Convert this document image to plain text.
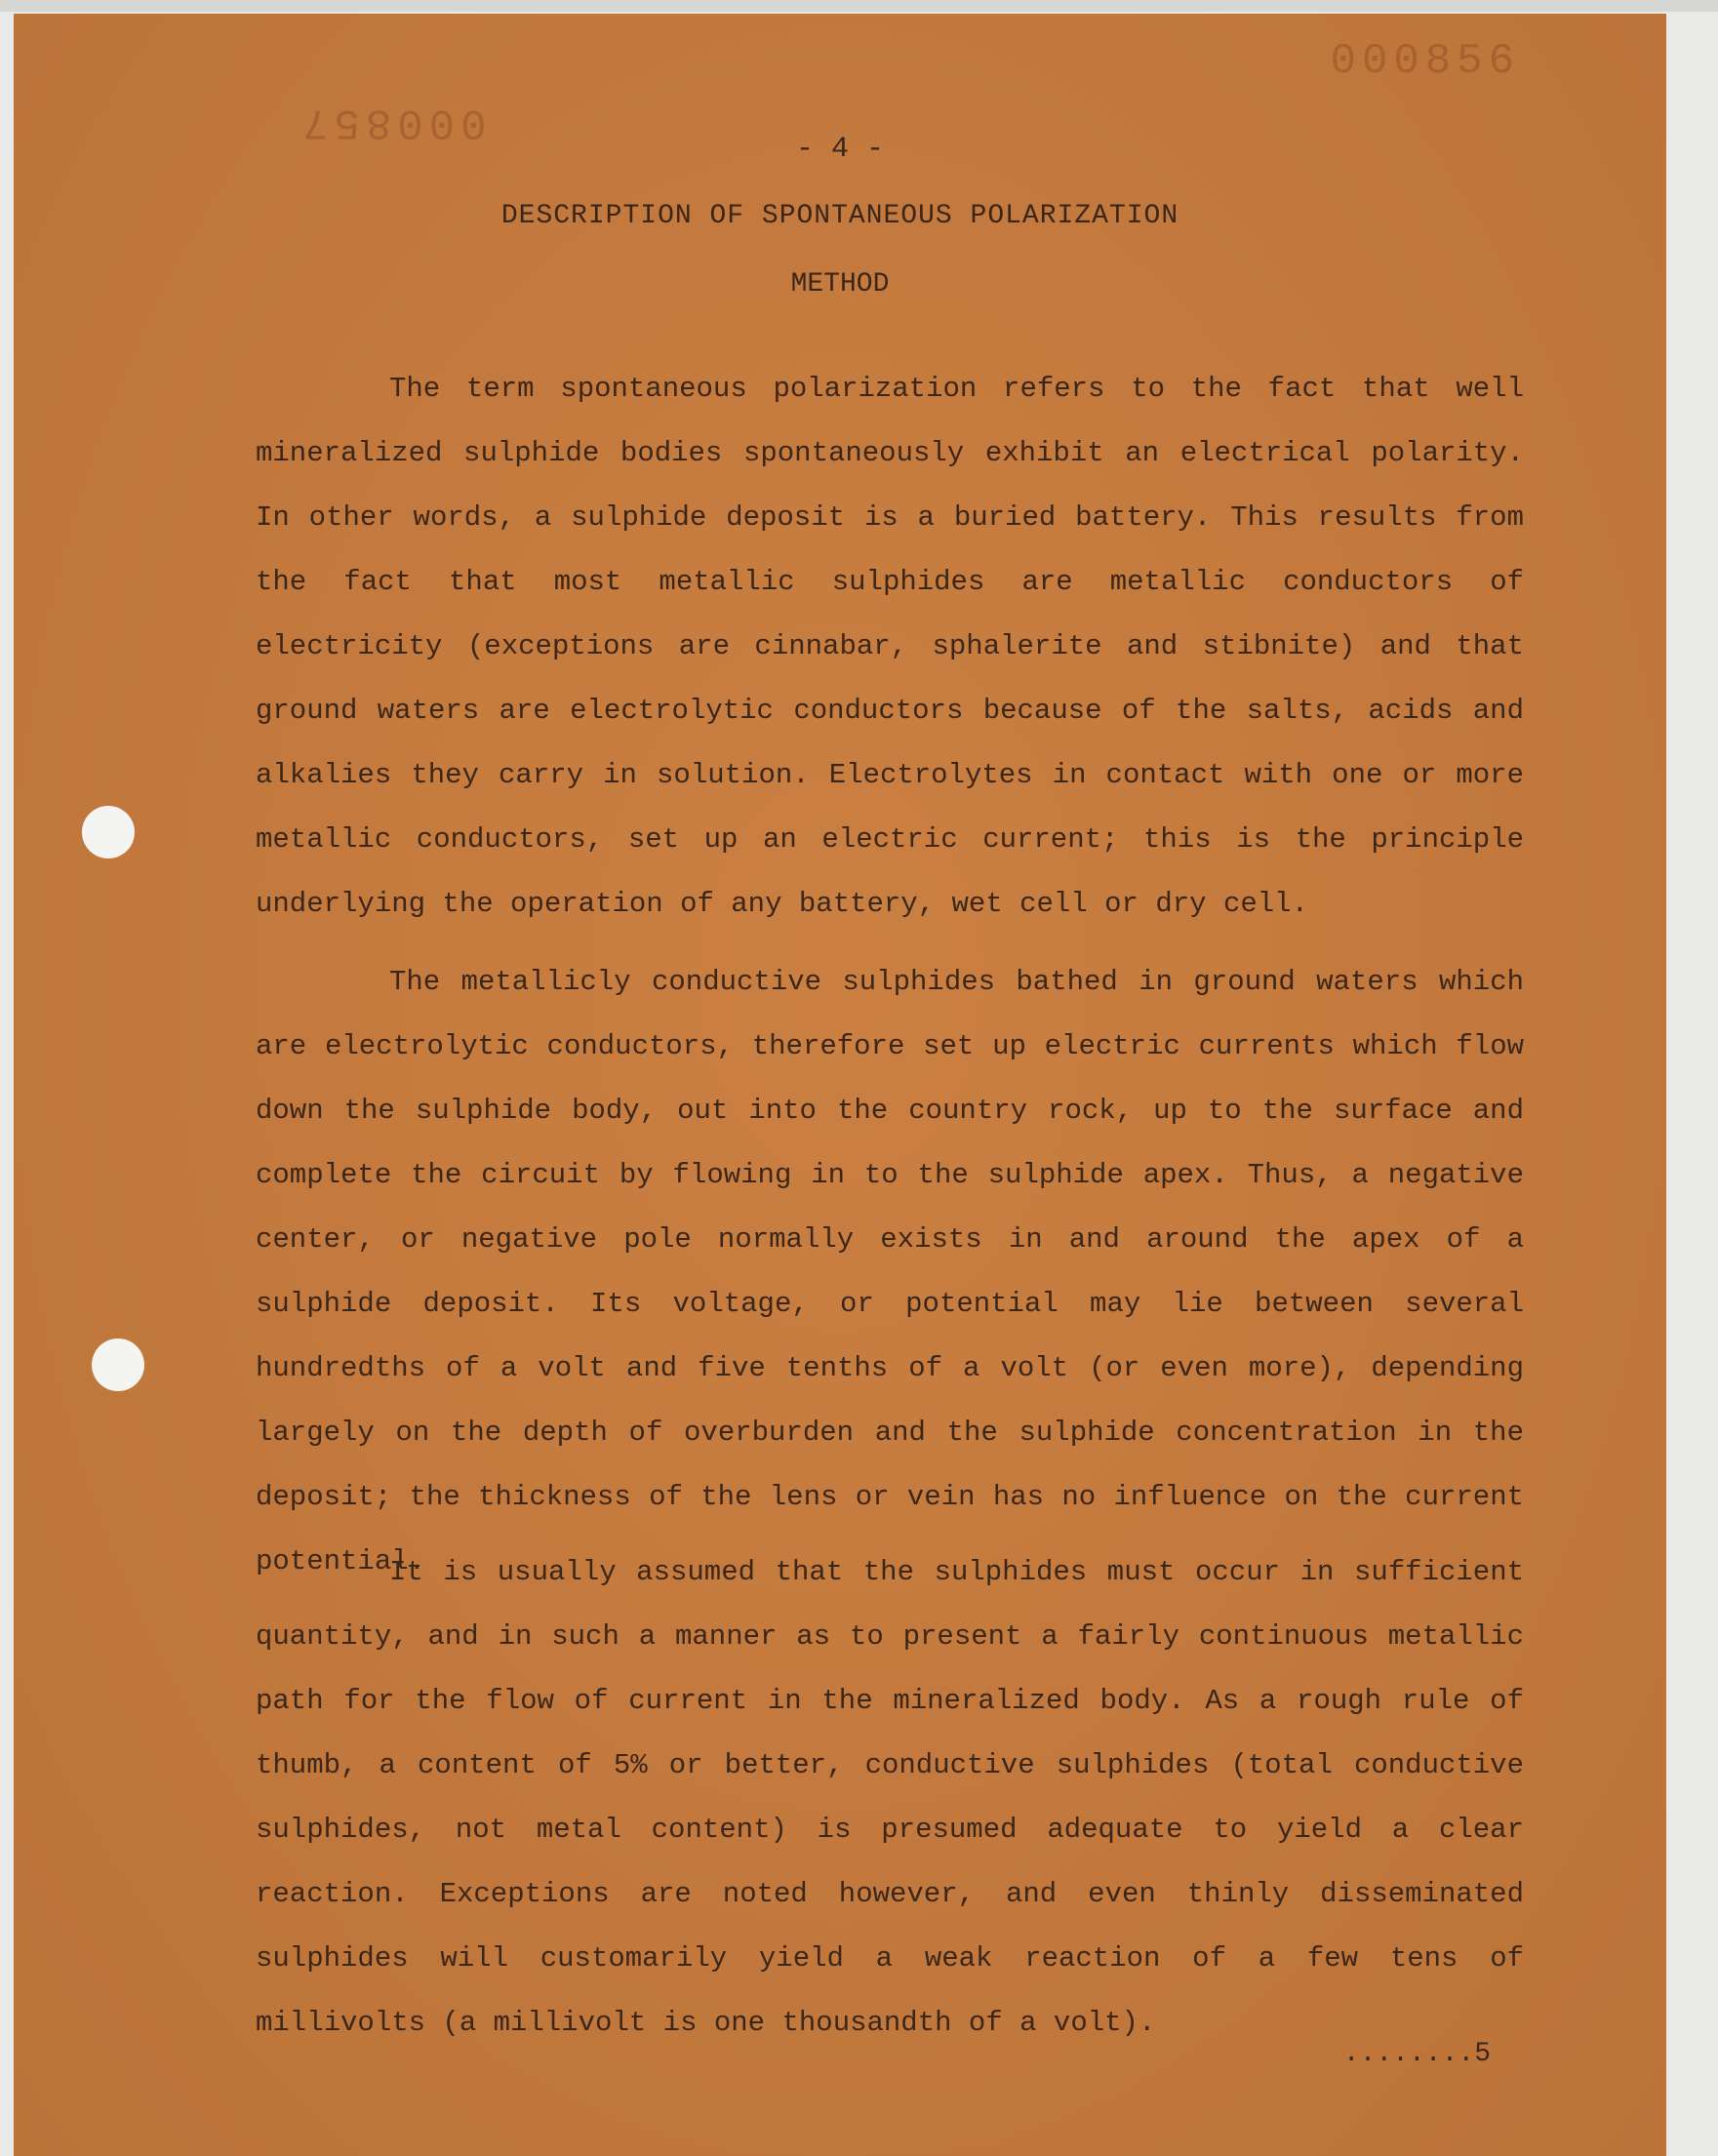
000856
000857
- 4 -
DESCRIPTION OF SPONTANEOUS POLARIZATION
METHOD
The term spontaneous polarization refers to the fact that well mineralized sulphide bodies spontaneously exhibit an electrical polarity. In other words, a sulphide deposit is a buried battery. This results from the fact that most metallic sulphides are metallic conductors of electricity (exceptions are cinnabar, sphalerite and stibnite) and that ground waters are electrolytic conductors because of the salts, acids and alkalies they carry in solution. Electrolytes in contact with one or more metallic conductors, set up an electric current; this is the principle underlying the operation of any battery, wet cell or dry cell.
The metallicly conductive sulphides bathed in ground waters which are electrolytic conductors, therefore set up electric currents which flow down the sulphide body, out into the country rock, up to the surface and complete the circuit by flowing in to the sulphide apex. Thus, a negative center, or negative pole normally exists in and around the apex of a sulphide deposit. Its voltage, or potential may lie between several hundredths of a volt and five tenths of a volt (or even more), depending largely on the depth of overburden and the sulphide concentration in the deposit; the thickness of the lens or vein has no influence on the current potential.
It is usually assumed that the sulphides must occur in sufficient quantity, and in such a manner as to present a fairly continuous metallic path for the flow of current in the mineralized body. As a rough rule of thumb, a content of 5% or better, conductive sulphides (total conductive sulphides, not metal content) is presumed adequate to yield a clear reaction. Exceptions are noted however, and even thinly disseminated sulphides will customarily yield a weak reaction of a few tens of millivolts (a millivolt is one thousandth of a volt).
........5
